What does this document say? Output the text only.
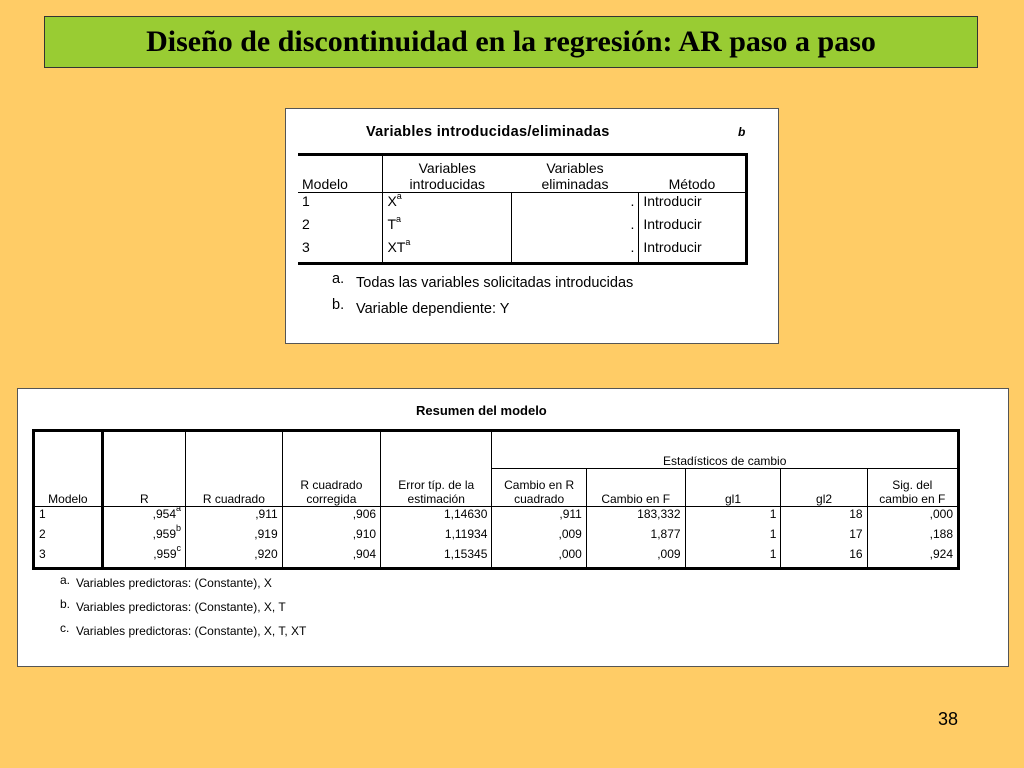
Diseño de discontinuidad en la regresión: AR paso a paso
Variables introducidas/eliminadas	b
Modelo	Variables introducidas	Variables eliminadas	Método
1	$X^a$	.	Introducir
2	$T^a$	.	Introducir
3	$XT^a$	.	Introducir
a. Todas las variables solicitadas introducidas
b. Variable dependiente: Y
Resumen del modelo
					Estadísticos de cambio				
Modelo	R	R cuadrado	R cuadrado corregida	Error típ. de la estimación	Cambio en R cuadrado	Cambio en F	gl1	gl2	Sig. del cambio en F
1	,954$^a$	,911	,906	1,14630	,911	183,332	1	18	,000
2	,959$^b$	,919	,910	1,11934	,009	1,877	1	17	,188
3	,959$^c$	,920	,904	1,15345	,000	,009	1	16	,924
a. Variables predictoras: (Constante), X
b. Variables predictoras: (Constante), X, T
c. Variables predictoras: (Constante), X, T, XT
38
